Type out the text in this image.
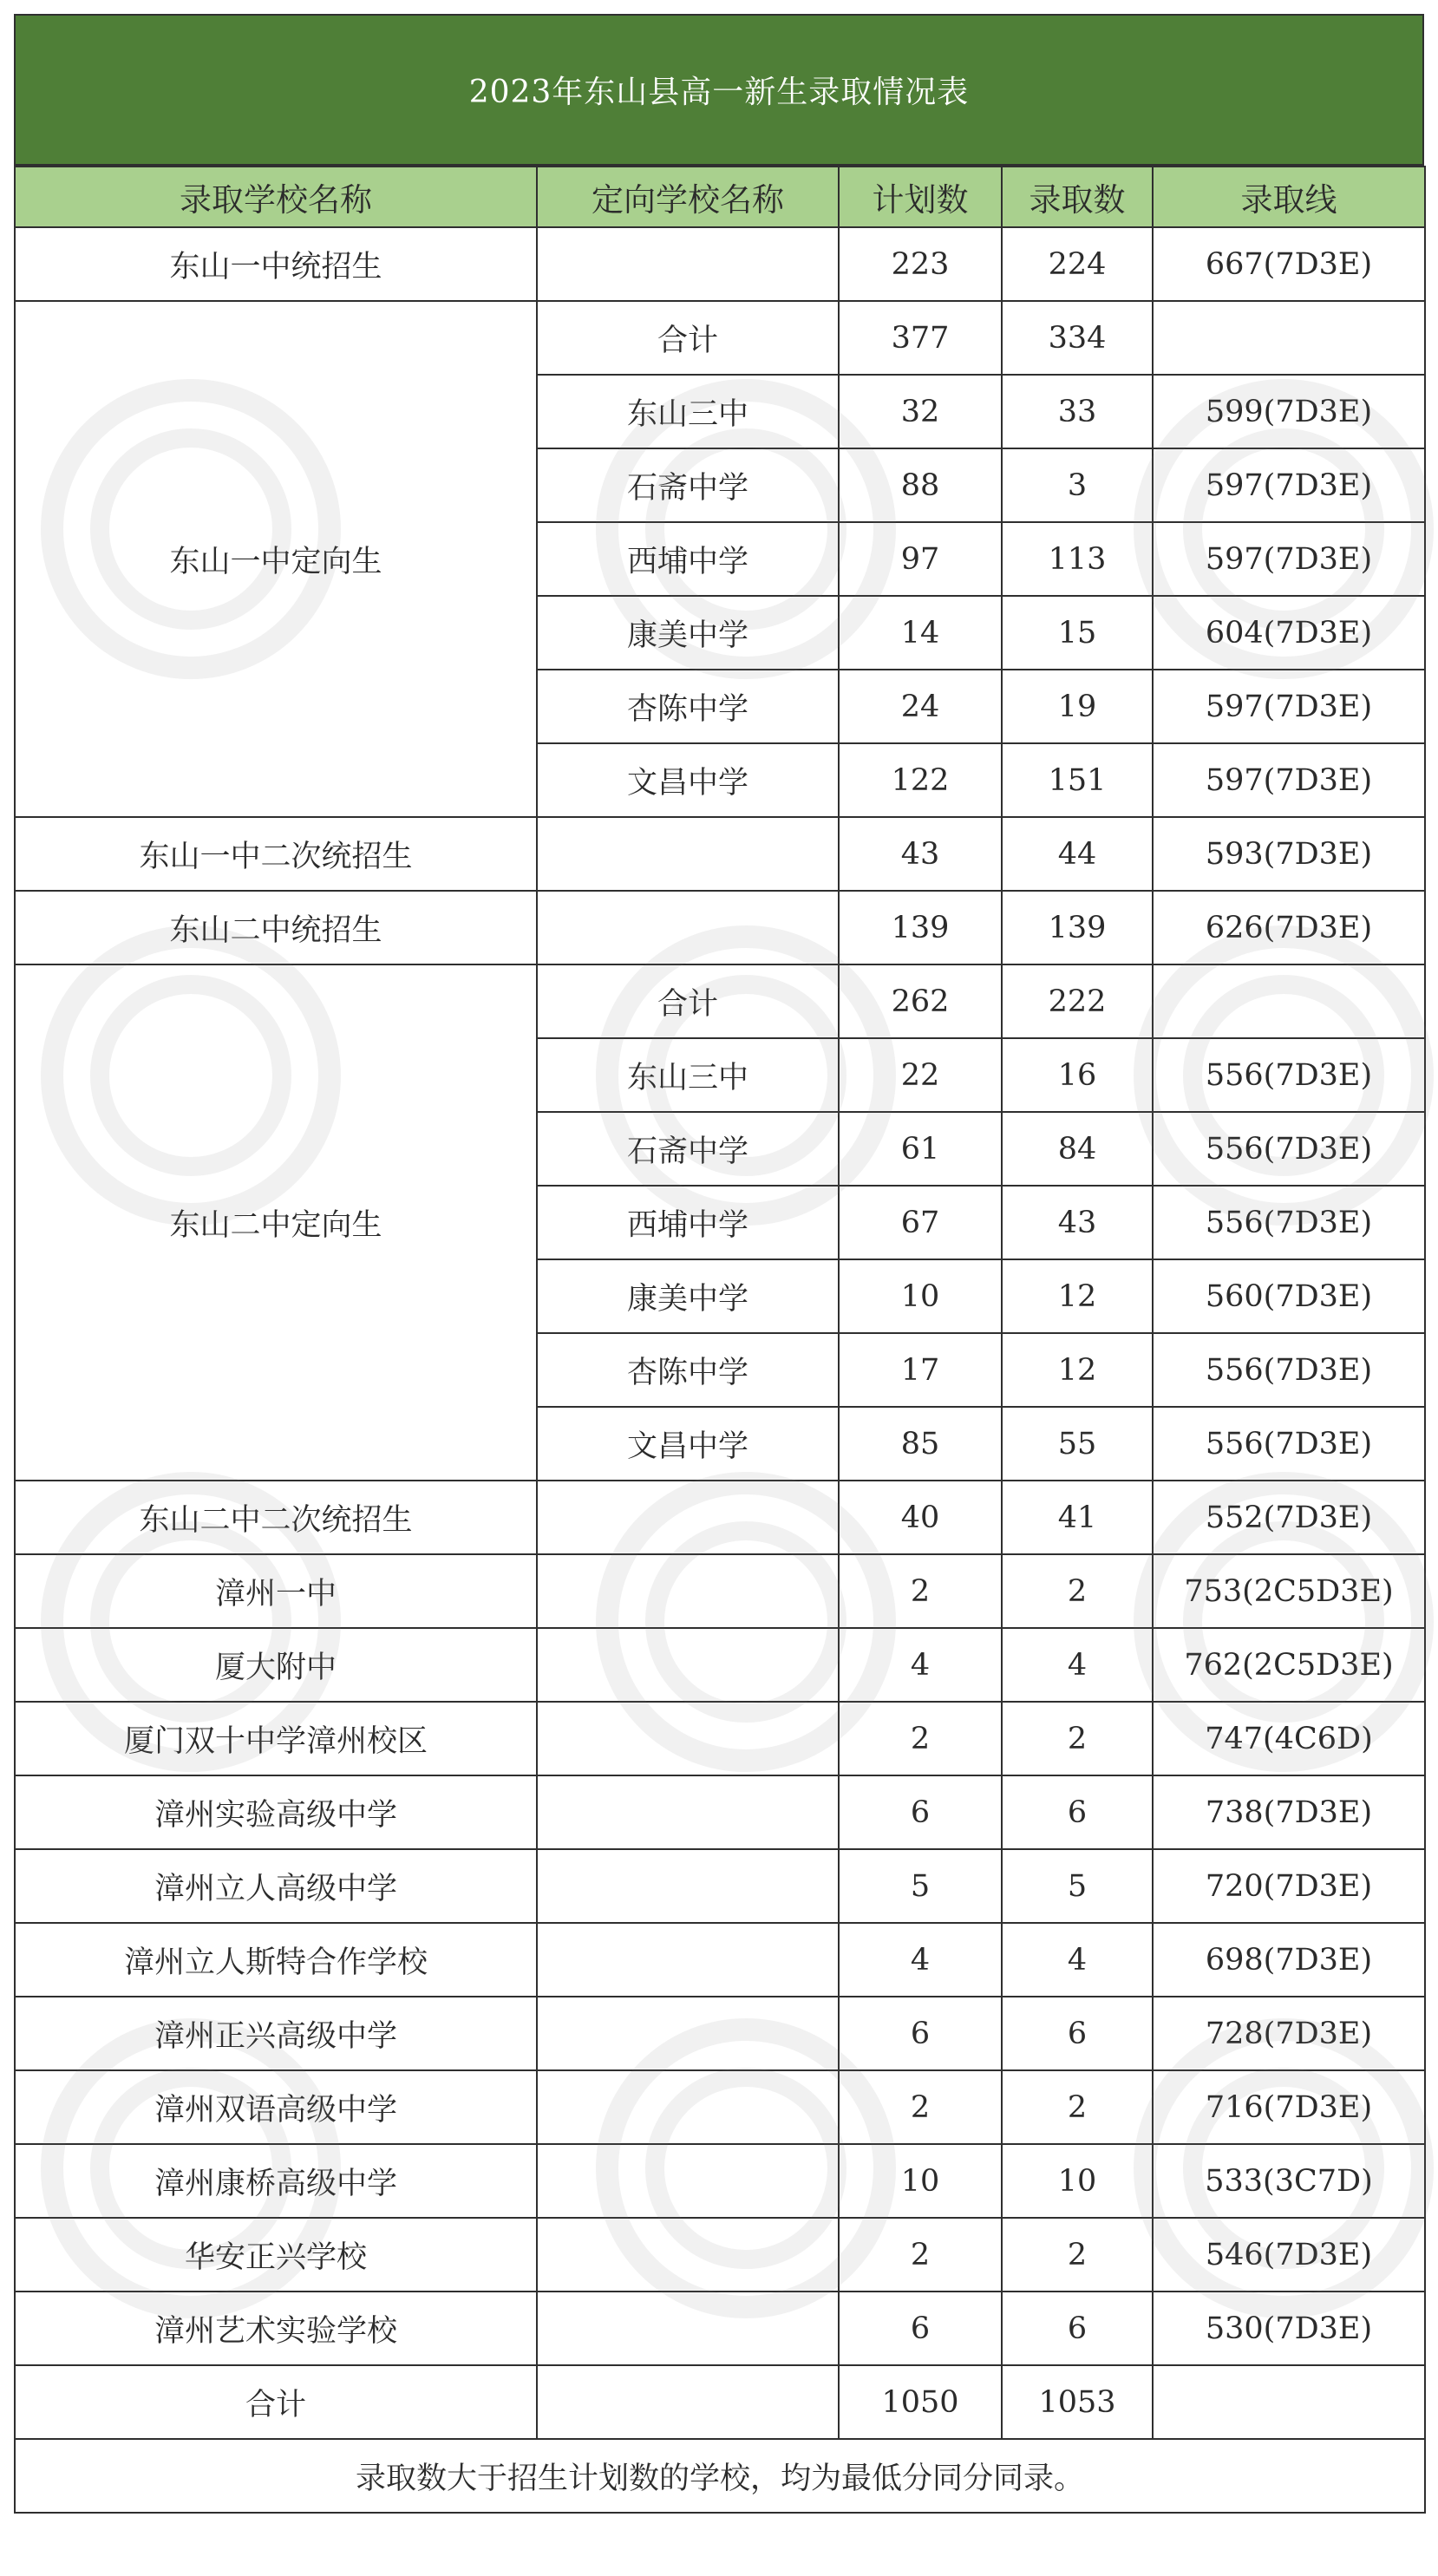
2023年东山县高一新生录取情况表
录取学校名称	定向学校名称	计划数	录取数	录取线
东山一中统招生		223	224	667(7D3E)
东山一中定向生	合计	377	334	
	东山三中	32	33	599(7D3E)
	石斋中学	88	3	597(7D3E)
	西埔中学	97	113	597(7D3E)
	康美中学	14	15	604(7D3E)
	杏陈中学	24	19	597(7D3E)
	文昌中学	122	151	597(7D3E)
东山一中二次统招生		43	44	593(7D3E)
东山二中统招生		139	139	626(7D3E)
东山二中定向生	合计	262	222	
	东山三中	22	16	556(7D3E)
	石斋中学	61	84	556(7D3E)
	西埔中学	67	43	556(7D3E)
	康美中学	10	12	560(7D3E)
	杏陈中学	17	12	556(7D3E)
	文昌中学	85	55	556(7D3E)
东山二中二次统招生		40	41	552(7D3E)
漳州一中		2	2	753(2C5D3E)
厦大附中		4	4	762(2C5D3E)
厦门双十中学漳州校区		2	2	747(4C6D)
漳州实验高级中学		6	6	738(7D3E)
漳州立人高级中学		5	5	720(7D3E)
漳州立人斯特合作学校		4	4	698(7D3E)
漳州正兴高级中学		6	6	728(7D3E)
漳州双语高级中学		2	2	716(7D3E)
漳州康桥高级中学		10	10	533(3C7D)
华安正兴学校		2	2	546(7D3E)
漳州艺术实验学校		6	6	530(7D3E)
合计		1050	1053	
录取数大于招生计划数的学校，均为最低分同分同录。				
